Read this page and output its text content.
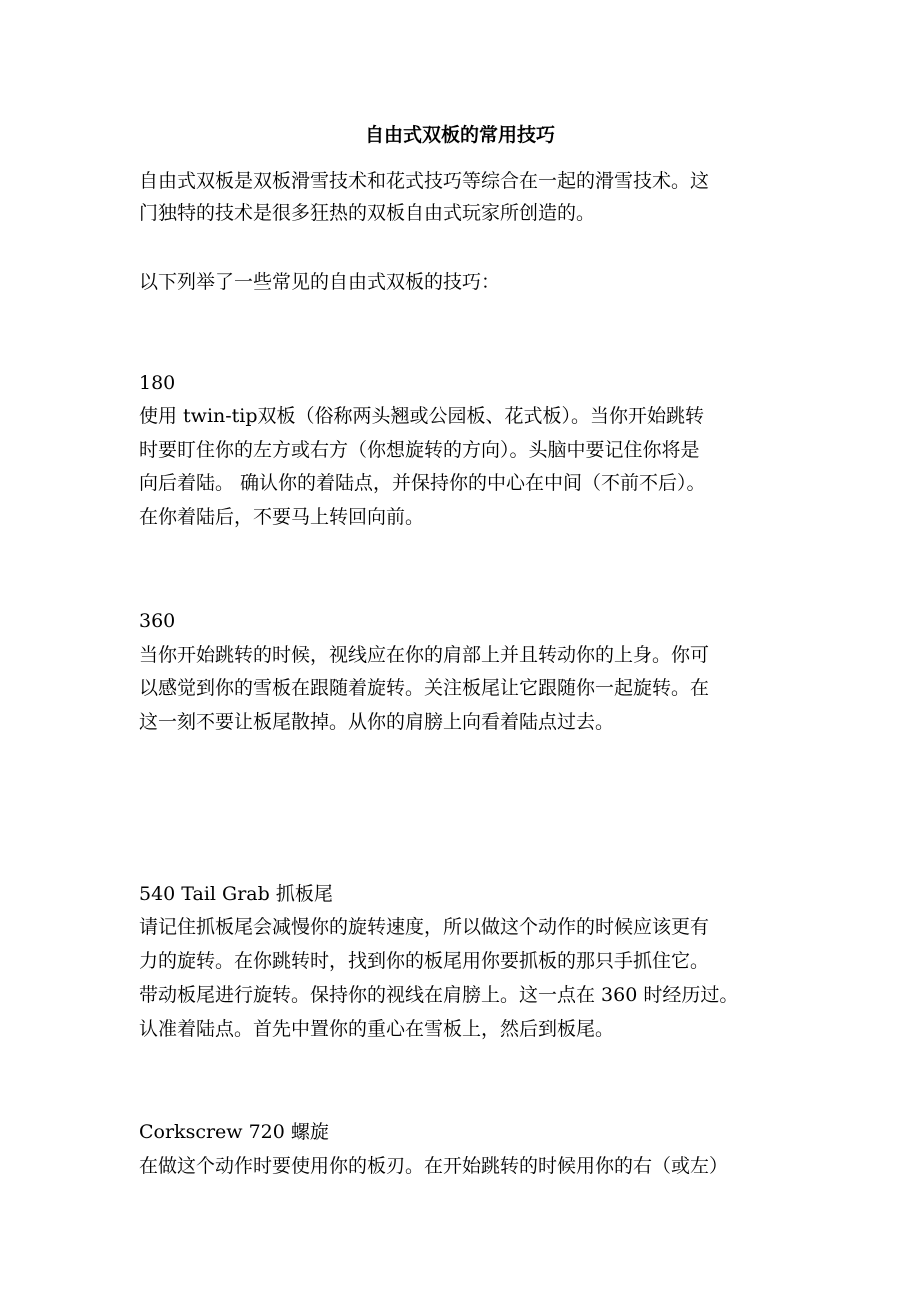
自由式双板的常用技巧
自由式双板是双板滑雪技术和花式技巧等综合在一起的滑雪技术。这
门独特的技术是很多狂热的双板自由式玩家所创造的。
以下列举了一些常见的自由式双板的技巧：
180
使用 twin-tip双板（俗称两头翘或公园板、花式板）。当你开始跳转
时要盯住你的左方或右方（你想旋转的方向）。头脑中要记住你将是
向后着陆。 确认你的着陆点，并保持你的中心在中间（不前不后）。
在你着陆后，不要马上转回向前。
360
当你开始跳转的时候，视线应在你的肩部上并且转动你的上身。你可
以感觉到你的雪板在跟随着旋转。关注板尾让它跟随你一起旋转。在
这一刻不要让板尾散掉。从你的肩膀上向看着陆点过去。
540 Tail Grab 抓板尾
请记住抓板尾会减慢你的旋转速度，所以做这个动作的时候应该更有
力的旋转。在你跳转时，找到你的板尾用你要抓板的那只手抓住它。
带动板尾进行旋转。保持你的视线在肩膀上。这一点在 360 时经历过。
认准着陆点。首先中置你的重心在雪板上，然后到板尾。
Corkscrew 720 螺旋
在做这个动作时要使用你的板刃。在开始跳转的时候用你的右（或左）
